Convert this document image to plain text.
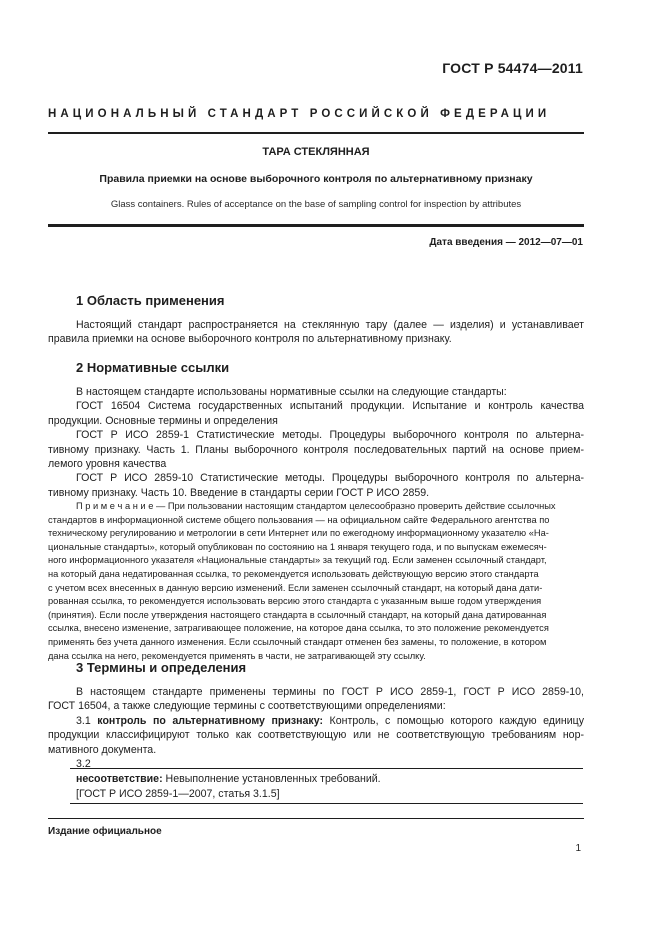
ГОСТ Р 54474—2011
НАЦИОНАЛЬНЫЙ СТАНДАРТ РОССИЙСКОЙ ФЕДЕРАЦИИ
ТАРА СТЕКЛЯННАЯ
Правила приемки на основе выборочного контроля по альтернативному признаку
Glass containers. Rules of acceptance on the base of sampling control for inspection by attributes
Дата введения — 2012—07—01
1 Область применения
Настоящий стандарт распространяется на стеклянную тару (далее — изделия) и устанавливает
правила приемки на основе выборочного контроля по альтернативному признаку.
2 Нормативные ссылки
В настоящем стандарте использованы нормативные ссылки на следующие стандарты:
ГОСТ 16504 Система государственных испытаний продукции. Испытание и контроль качества
продукции. Основные термины и определения
ГОСТ Р ИСО 2859-1 Статистические методы. Процедуры выборочного контроля по альтерна-
тивному признаку. Часть 1. Планы выборочного контроля последовательных партий на основе прием-
лемого уровня качества
ГОСТ Р ИСО 2859-10 Статистические методы. Процедуры выборочного контроля по альтерна-
тивному признаку. Часть 10. Введение в стандарты серии ГОСТ Р ИСО 2859.
П р и м е ч а н и е — При пользовании настоящим стандартом целесообразно проверить действие ссылочных
стандартов в информационной системе общего пользования — на официальном сайте Федерального агентства по
техническому регулированию и метрологии в сети Интернет или по ежегодному информационному указателю «На-
циональные стандарты», который опубликован по состоянию на 1 января текущего года, и по выпускам ежемесяч-
ного информационного указателя «Национальные стандарты» за текущий год. Если заменен ссылочный стандарт,
на который дана недатированная ссылка, то рекомендуется использовать действующую версию этого стандарта
с учетом всех внесенных в данную версию изменений. Если заменен ссылочный стандарт, на который дана дати-
рованная ссылка, то рекомендуется использовать версию этого стандарта с указанным выше годом утверждения
(принятия). Если после утверждения настоящего стандарта в ссылочный стандарт, на который дана датированная
ссылка, внесено изменение, затрагивающее положение, на которое дана ссылка, то это положение рекомендуется
применять без учета данного изменения. Если ссылочный стандарт отменен без замены, то положение, в котором
дана ссылка на него, рекомендуется применять в части, не затрагивающей эту ссылку.
3 Термины и определения
В настоящем стандарте применены термины по ГОСТ Р ИСО 2859-1, ГОСТ Р ИСО 2859-10,
ГОСТ 16504, а также следующие термины с соответствующими определениями:
3.1 контроль по альтернативному признаку: Контроль, с помощью которого каждую единицу
продукции классифицируют только как соответствующую или не соответствующую требованиям нор-
мативного документа.
3.2
несоответствие: Невыполнение установленных требований.
[ГОСТ Р ИСО 2859-1—2007, статья 3.1.5]
Издание официальное
1
